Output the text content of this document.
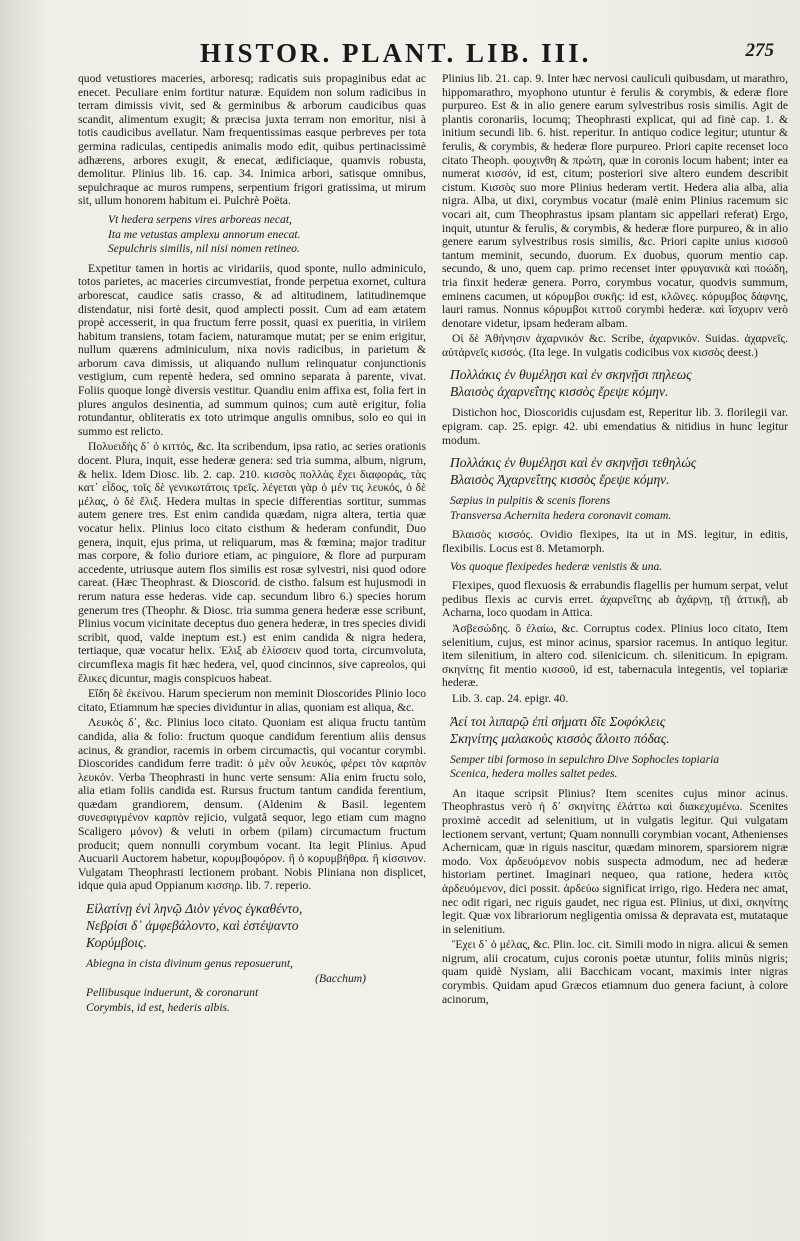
HISTOR. PLANT. LIB. III.	275

quod vetustiores maceries, arboresq; radicatis suis propaginibus edat ac enecet. Peculiare enim fortitur naturæ. Equidem non solum radicibus in terram dimissis vivit, sed & germinibus & arborum caudicibus quas scandit, alimentum exugit; & præcisa juxta terram non emoritur, nisi à totis caudicibus avellatur. Nam frequentissimas easque perbreves per tota germina radiculas, centipedis animalis modo edit, quibus pertinacissimè adhærens, arbores exugit, & enecat, ædificiaque, quamvis robusta, demolitur. Plinius lib. 16. cap. 34. Inimica arbori, satisque omnibus, sepulchraque ac muros rumpens, serpentium frigori gratissima, ut mirum sit, ullum honorem habitum ei. Pulchrè Poëta.

Vt hedera serpens vires arboreas necat,
Ita me vetustas amplexu annorum enecat.
Sepulchris similis, nil nisi nomen retineo.

Expetitur tamen in hortis ac viridariis, quod sponte, nullo adminiculo, totos parietes, ac maceries circumvestiat, fronde perpetua exornet, cultura arborescat, caudice satis crasso, & ad altitudinem, latitudinemque distendatur, nisi fortè desit, quod amplecti possit. Cum ad eam ætatem propè accesserit, in qua fructum ferre possit, quasi ex pueritia, in virilem habitum transiens, totam faciem, naturamque mutat; per se enim erigitur, nullum quærens adminiculum, nixa novis radicibus, in parietum & arborum cava dimissis, ut aliquando nullum relinquatur conjunctionis vestigium, cum repentè hedera, sed omnino separata à parente, vivat. Foliis quoque longè diversis vestitur. Quandiu enim affixa est, folia fert in plures angulos desinentia, ad summum quinos; cum autè erigitur, folia rotundantur, obliteratis ex toto utrimque angulis omnibus, solo eo qui in summo est relicto.

Πολυειδὴς δ᾽ ὁ κιττός, &c. Ita scribendum, ipsa ratio, ac series orationis docent. Plura, inquit, esse hederæ genera: sed tria summa, album, nigrum, & helix. Idem Diosc. lib. 2. cap. 210. κισσὸς πολλὰς ἔχει διαφοράς, τὰς κατ᾽ εἶδος, τοῖς δὲ γενικωτάτοις τρεῖς. λέγεται γὰρ ὁ μέν τις λευκός, ὁ δὲ μέλας, ὁ δὲ ἕλιξ. Hedera multas in specie differentias sortitur, summas autem genere tres. Est enim candida quædam, nigra altera, tertia quæ vocatur helix. Plinius loco citato cisthum & hederam confundit, Duo genera, inquit, ejus prima, ut reliquarum, mas & fœmina; major traditur mas corpore, & folio duriore etiam, ac pinguiore, & flore ad purpuram accedente, utriusque autem flos similis est rosæ sylvestri, nisi quod odore careat. (Hæc Theophrast. & Dioscorid. de cistho. falsum est hujusmodi in rerum natura esse hederas. vide cap. secundum libro 6.) species horum generum tres (Theophr. & Diosc. tria summa genera hederæ esse scribunt, Plinius vocum vicinitate deceptus duo genera hederæ, in tres species dividi scribit, quod, valde ineptum est.) est enim candida & nigra hedera, tertiaque, quæ vocatur helix. Ἑλιξ ab ἑλίσσειν quod torta, circumvoluta, circumflexa magis fit hæc hedera, vel, quod cincinnos, sive capreolos, qui ἕλικες dicuntur, magis conspicuos habeat.

Εἴδη δὲ ἐκείνου. Harum specierum non meminit Dioscorides Plinio loco citato, Etiamnum hæ species dividuntur in alias, quoniam est aliqua, &c.

Λευκὸς δ᾽, &c. Plinius loco citato. Quoniam est aliqua fructu tantùm candida, alia & folio: fructum quoque candidum ferentium aliis densus acinus, & grandior, racemis in orbem circumactis, qui vocantur corymbi. Dioscorides candidum ferre tradit: ὁ μὲν οὖν λευκός, φέρει τὸν καρπὸν λευκόν. Verba Theophrasti in hunc verte sensum: Alia enim fructu solo, alia etiam foliis candida est. Rursus fructum tantum candida ferentium, quædam grandiorem, densum. (Aldenim & Basil. legentem συνεσφιγμένον καρπὸν rejicio, vulgatâ sequor, lego etiam cum magno Scaligero μόνον) & veluti in orbem (pilam) circumactum fructum producit; quem nonnulli corymbum vocant. Ita legit Plinius. Apud Aucuarii Auctorem habetur, κορυμβοφόρον. ἢ ὁ κορυμβήθρα. ἢ κίσσινον. Vulgatam Theophrasti lectionem probant. Nobis Pliniana non displicet, idque quia apud Oppianum κισσηρ. lib. 7. reperio.

Εἰλατίνῃ ἐνὶ ληνῷ Διὸν γένος ἐγκαθέντο,
Νεβρίσι δ᾽ ἀμφεβάλοντο, καὶ ἐστέψαντο
Κορύμβοις.
Abiegna in cista divinum genus reposuerunt,
(Bacchum)
Pellibusque induerunt, & coronarunt
Corymbis, id est, hederis albis.

Plinius lib. 21. cap. 9. Inter hæc nervosi cauliculi quibusdam, ut marathro, hippomarathro, myophono utuntur è ferulis & corymbis, & ederæ flore purpureo. Est & in alio genere earum sylvestribus rosis similis. Agit de plantis coronariis, locumq; Theophrasti explicat, qui ad finè cap. 1. & initium secundi lib. 6. hist. reperitur. In antiquo codice legitur; utuntur & ferulis, & corymbis, & hederæ flore purpureo. Priori capite recenset loco citato Theoph. φουχινθη & πρώτη, quæ in coronis locum habent; inter ea numerat κισσόν, id est, citum; posteriori sive altero eundem describit cistum. Κισσὸς suo more Plinius hederam vertit. Hedera alia alba, alia nigra. Alba, ut dixi, corymbus vocatur (malè enim Plinius racemum sic vocari ait, cum Theophrastus ipsam plantam sic appellari referat) Ergo, inquit, utuntur & ferulis, & corymbis, & hederæ flore purpureo, & in alio genere earum sylvestribus rosis similis, &c. Priori capite unius κισσοῦ tantum meminit, secundo, duorum. Ex duobus, quorum mentio cap. secundo, & uno, quem cap. primo recenset inter φρυγανικὰ καὶ ποώδη, tria finxit hederæ genera. Porro, corymbus vocatur, quodvis summum, eminens cacumen, ut κόρυμβοι συκῆς: id est, κλῶνες. κόρυμβος δάφνης, lauri ramus. Nonnus κόρυμβοι κιττοῦ corymbi hederæ. καὶ ἴσχυριν verò denotare videtur, ipsam hederam albam.

Οἱ δὲ Ἀθήνησιν ἀχαρνικόν &c. Scribe, ἀχαρνικόν. Suidas. ἀχαρνεῖς. αὐτάρνεῖς κισσός. (Ita lege. In vulgatis codicibus vox κισσὸς deest.)

Πολλάκις ἐν θυμέλῃσι καὶ ἐν σκηνῇσι πηλεως
Βλαισὸς ἀχαρνεΐτης κισσὸς ἔρεψε κόμην.

Distichon hoc, Dioscoridis cujusdam est, Reperitur lib. 3. florilegii var. epigram. cap. 25. epigr. 42. ubi emendatius & nitidius in hunc legitur modum.

Πολλάκις ἐν θυμέλῃσι καὶ ἐν σκηνῇσι τεθηλώς
Βλαισὸς Ἀχαρνεΐτης κισσὸς ἔρεψε κόμην.
Sæpius in pulpitis & scenis florens
Transversa Achernita hedera coronavit comam.

Βλαισὸς κισσός. Ovidio flexipes, ita ut in MS. legitur, in editis, flexibilis. Locus est 8. Metamorph.

Vos quoque flexipedes hederæ venistis & una.

Flexipes, quod flexuosis & errabundis flagellis per humum serpat, velut pedibus flexis ac curvis erret. ἀχαρνεΐτης ab ἀχάρνῃ, τῇ ἀττικῇ, ab Acharna, loco quodam in Attica.

Ἀσβεσώδης. ὃ ἐλαίω, &c. Corruptus codex. Plinius loco citato, Item selenitium, cujus, est minor acinus, sparsior racemus. In antiquo legitur. item silenitium, in altero cod. silenicicum. ch. sileniticum. In epigram. σκηνίτης fit mentio κισσοῦ, id est, tabernacula integentis, vel topiariæ hederæ.

Lib. 3. cap. 24. epigr. 40.

Ἀεί τοι λιπαρῷ ἐπὶ σήματι δῖε Σοφόκλεις
Σκηνίτης μαλακοὺς κισσὸς ἄλοιτο πόδας.
Semper tibi formoso in sepulchro Dive Sophocles topiaria
Scenica, hedera molles saltet pedes.

An itaque scripsit Plinius? Item scenites cujus minor acinus. Theophrastus verò ἡ δ᾽ σκηνίτης ἐλάττω καὶ διακεχυμένω. Scenites proximè accedit ad selenitium, ut in vulgatis legitur. Qui vulgatam lectionem servant, vertunt; Quam nonnulli corymbian vocant, Athenienses Achernicam, quæ in riguis nascitur, quædam minorem, sparsiorem nigræ modo. Vox ἀρδευόμενον nobis suspecta admodum, nec ad hederæ historiam pertinet. Imaginari nequeo, qua ratione, hedera κιτὸς ἀρδευόμενον, dici possit. ἀρδεύω significat irrigo, rigo. Hedera nec amat, nec odit rigari, nec riguis gaudet, nec rigua est. Plinius, ut dixi, σκηνίτης legit. Quæ vox librariorum negligentia omissa & depravata est, mutataque in selenitium.

Ἔχει δ᾽ ὁ μέλας, &c. Plin. loc. cit. Simili modo in nigra. alicui & semen nigrum, alii crocatum, cujus coronis poetæ utuntur, foliis minùs nigris; quam quidè Nysiam, alii Bacchicam vocant, maximis inter nigras corymbis. Quidam apud Græcos etiamnum duo genera faciunt, à colore acinorum,
